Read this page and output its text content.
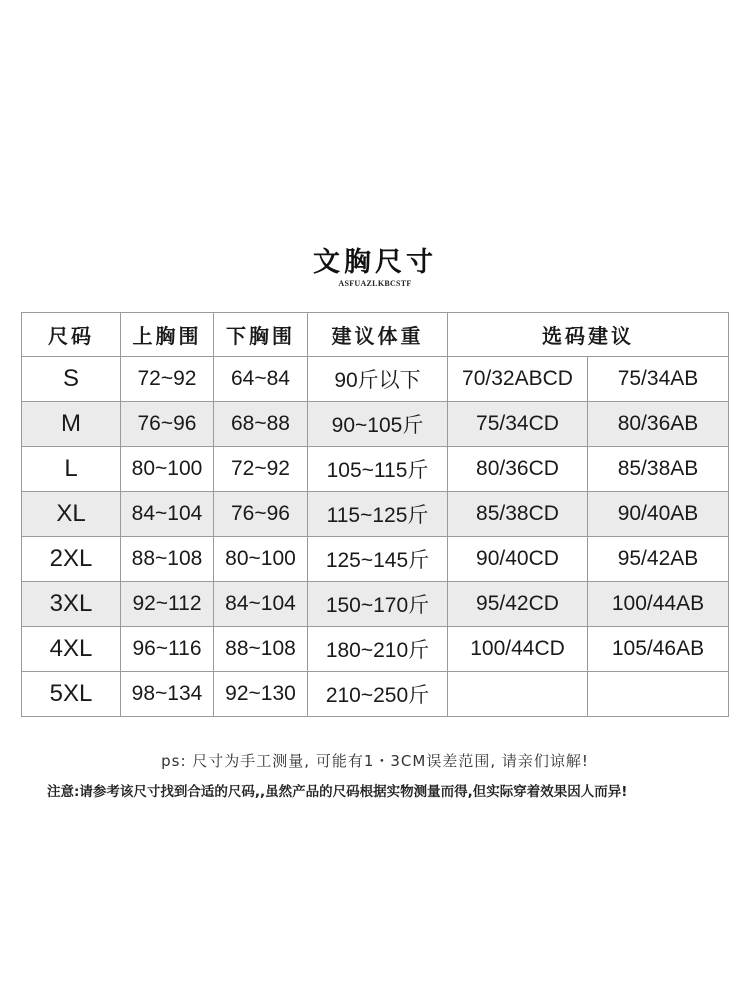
文胸尺寸
ASFUAZLKBCSTF
尺码	上胸围	下胸围	建议体重	选码建议	
S	72~92	64~84	90斤以下	70/32ABCD	75/34AB
M	76~96	68~88	90~105斤	75/34CD	80/36AB
L	80~100	72~92	105~115斤	80/36CD	85/38AB
XL	84~104	76~96	115~125斤	85/38CD	90/40AB
2XL	88~108	80~100	125~145斤	90/40CD	95/42AB
3XL	92~112	84~104	150~170斤	95/42CD	100/44AB
4XL	96~116	88~108	180~210斤	100/44CD	105/46AB
5XL	98~134	92~130	210~250斤		
ps: 尺寸为手工测量, 可能有1・3CM误差范围, 请亲们谅解!
注意:请参考该尺寸找到合适的尺码,,虽然产品的尺码根据实物测量而得,但实际穿着效果因人而异!
